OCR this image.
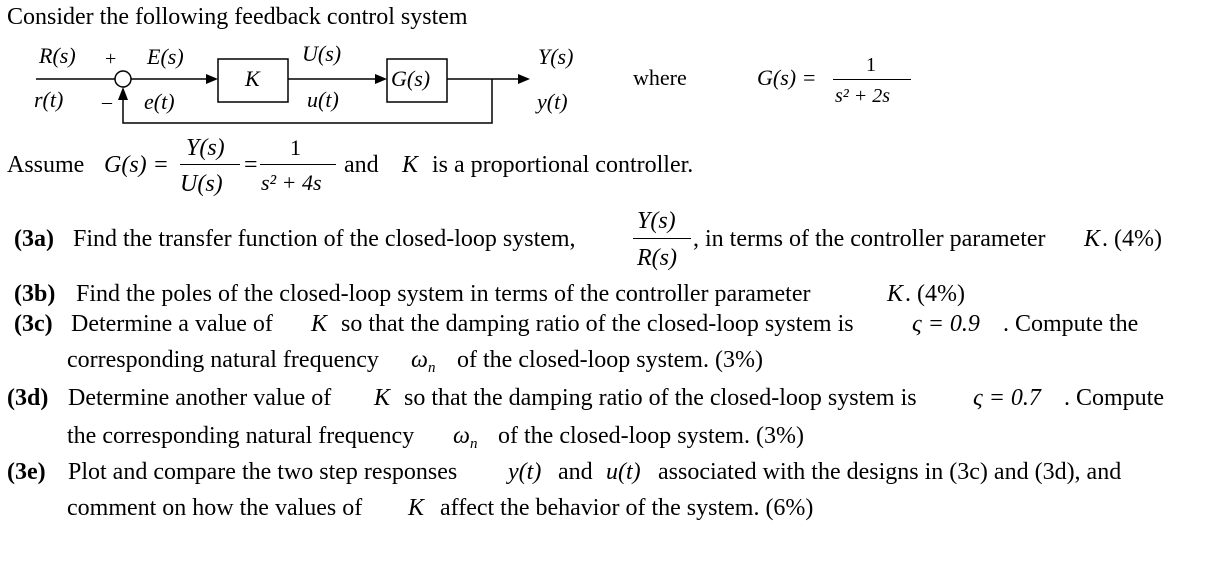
Consider the following feedback control system
R(s) + E(s)
r(t) – e(t)
K
U(s)
u(t)
G(s)
Y(s)
y(t)
where	G(s) = 1
s² + 2s
Assume G(s) =
Y(s)
U(s)
=
1
s² + 4s
and K is a proportional controller.
(3a) Find the transfer function of the closed-loop system,
Y(s)
R(s)
, in terms of the controller parameter K . (4%)
(3b) Find the poles of the closed-loop system in terms of the controller parameter	K . (4%)
(3c) Determine a value of K so that the damping ratio of the closed-loop system is ς = 0.9 . Compute the
corresponding natural frequency $\omega_n$ of the closed-loop system. (3%)
(3d) Determine another value of K so that the damping ratio of the closed-loop system is ς = 0.7 . Compute
the corresponding natural frequency $\omega_n$ of the closed-loop system. (3%)
(3e) Plot and compare the two step responses y(t) and u(t) associated with the designs in (3c) and (3d), and
comment on how the values of K affect the behavior of the system. (6%)
